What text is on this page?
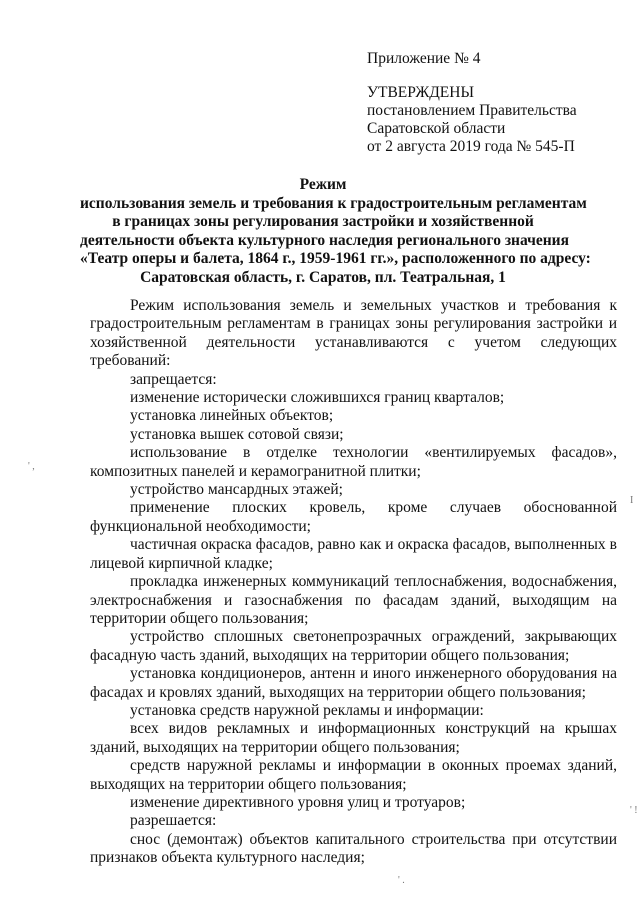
Приложение № 4
УТВЕРЖДЕНЫ
постановлением Правительства
Саратовской области
от 2 августа 2019 года № 545-П
Режим
использования земель и требования к градостроительным регламентам
в границах зоны регулирования застройки и хозяйственной
деятельности объекта культурного наследия регионального значения
«Театр оперы и балета, 1864 г., 1959-1961 гг.», расположенного по адресу:
Саратовская область, г. Саратов, пл. Театральная, 1

Режим использования земель и земельных участков и требования к градостроительным регламентам в границах зоны регулирования застройки и хозяйственной деятельности устанавливаются с учетом следующих требований:

запрещается:

изменение исторически сложившихся границ кварталов;

установка линейных объектов;

установка вышек сотовой связи;

использование в отделке технологии «вентилируемых фасадов», композитных панелей и керамогранитной плитки;

устройство мансардных этажей;

применение плоских кровель, кроме случаев обоснованной функциональной необходимости;

частичная окраска фасадов, равно как и окраска фасадов, выполненных в лицевой кирпичной кладке;

прокладка инженерных коммуникаций теплоснабжения, водоснабжения, электроснабжения и газоснабжения по фасадам зданий, выходящим на территории общего пользования;

устройство сплошных светонепрозрачных ограждений, закрывающих фасадную часть зданий, выходящих на территории общего пользования;

установка кондиционеров, антенн и иного инженерного оборудования на фасадах и кровлях зданий, выходящих на территории общего пользования;

установка средств наружной рекламы и информации:

всех видов рекламных и информационных конструкций на крышах зданий, выходящих на территории общего пользования;

средств наружной рекламы и информации в оконных проемах зданий, выходящих на территории общего пользования;

изменение директивного уровня улиц и тротуаров;

разрешается:

снос (демонтаж) объектов капитального строительства при отсутствии признаков объекта культурного наследия;

' ,
' .
I
' !
